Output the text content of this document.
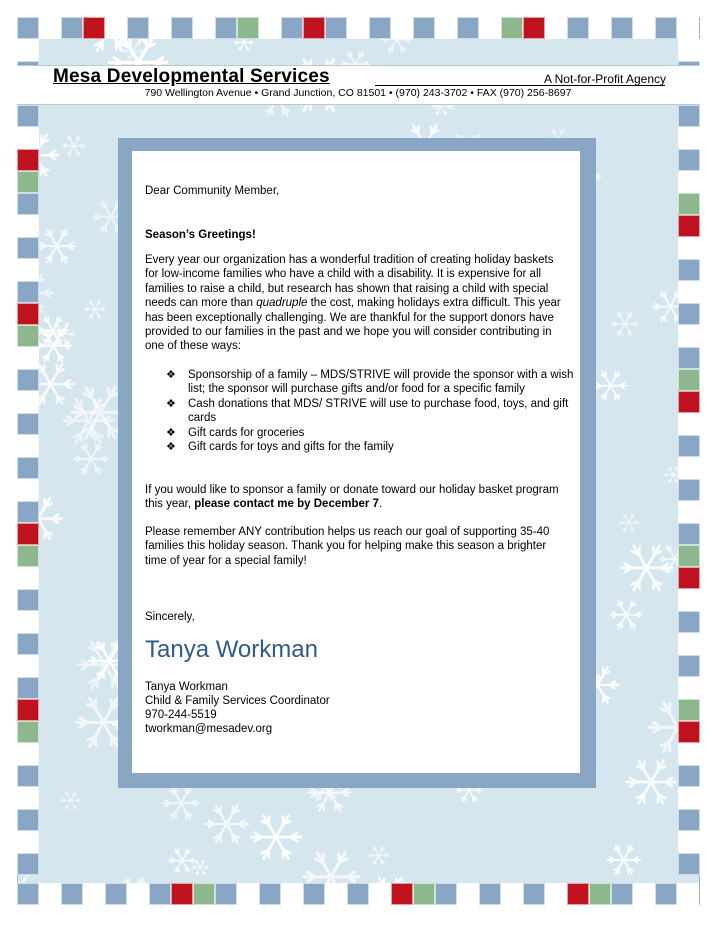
Mesa Developmental Services	A Not-for-Profit Agency
790 Wellington Avenue • Grand Junction, CO 81501 • (970) 243-3702 • FAX (970) 256-8697
Dear Community Member,
Season’s Greetings!
Every year our organization has a wonderful tradition of creating holiday baskets for low-income families who have a child with a disability. It is expensive for all families to raise a child, but research has shown that raising a child with special needs can more than quadruple the cost, making holidays extra difficult. This year has been exceptionally challenging. We are thankful for the support donors have provided to our families in the past and we hope you will consider contributing in one of these ways:
❖ Sponsorship of a family – MDS/STRIVE will provide the sponsor with a wish list; the sponsor will purchase gifts and/or food for a specific family
❖ Cash donations that MDS/ STRIVE will use to purchase food, toys, and gift cards
❖ Gift cards for groceries
❖ Gift cards for toys and gifts for the family
If you would like to sponsor a family or donate toward our holiday basket program this year, please contact me by December 7.
Please remember ANY contribution helps us reach our goal of supporting 35-40 families this holiday season. Thank you for helping make this season a brighter time of year for a special family!
Sincerely,
Tanya Workman
Tanya Workman
Child & Family Services Coordinator
970-244-5519
tworkman@mesadev.org
